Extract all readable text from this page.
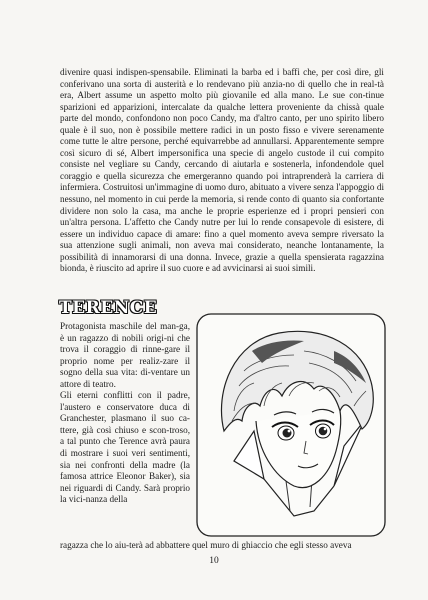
divenire quasi indispen-spensabile. Eliminati la barba ed i baffi che, per così dire, gli conferivano una sorta di austerità e lo rendevano più anzia-no di quello che in real-tà era, Albert assume un aspetto molto più giovanile ed alla mano. Le sue con-tinue sparizioni ed apparizioni, intercalate da qualche lettera proveniente da chissà quale parte del mondo, confondono non poco Candy, ma d'altro canto, per uno spirito libero quale è il suo, non è possibile mettere radici in un posto fisso e vivere serenamente come tutte le altre persone, perché equivarrebbe ad annullarsi. Apparentemente sempre così sicuro di sé, Albert impersonifica una specie di angelo custode il cui compito consiste nel vegliare su Candy, cercando di aiutarla e sostenerla, infondendole quel coraggio e quella sicurezza che emergeranno quando poi intraprenderà la carriera di infermiera. Costruitosi un'immagine di uomo duro, abituato a vivere senza l'appoggio di nessuno, nel momento in cui perde la memoria, si rende conto di quanto sia confortante dividere non solo la casa, ma anche le proprie esperienze ed i propri pensieri con un'altra persona. L'affetto che Candy nutre per lui lo rende consapevole di esistere, di essere un individuo capace di amare: fino a quel momento aveva sempre riversato la sua attenzione sugli animali, non aveva mai considerato, neanche lontanamente, la possibilità di innamorarsi di una donna. Invece, grazie a quella spensierata ragazzina bionda, è riuscito ad aprire il suo cuore e ad avvicinarsi ai suoi simili.

TERENCE

Protagonista maschile del man-ga, è un ragazzo di nobili origi-ni che trova il coraggio di rinne-gare il proprio nome per realiz-zare il sogno della sua vita: di-ventare un attore di teatro.

Gli eterni conflitti con il padre, l'austero e conservatore duca di Granchester, plasmano il suo ca-ttere, già così chiuso e scon-troso, a tal punto che Terence avrà paura di mostrare i suoi veri sentimenti, sia nei confronti della madre (la famosa attrice Eleonor Baker), sia nei riguardi di Candy. Sarà proprio la vici-nanza della

ragazza che lo aiu-terà ad abbattere quel muro di ghiaccio che egli stesso aveva
10
